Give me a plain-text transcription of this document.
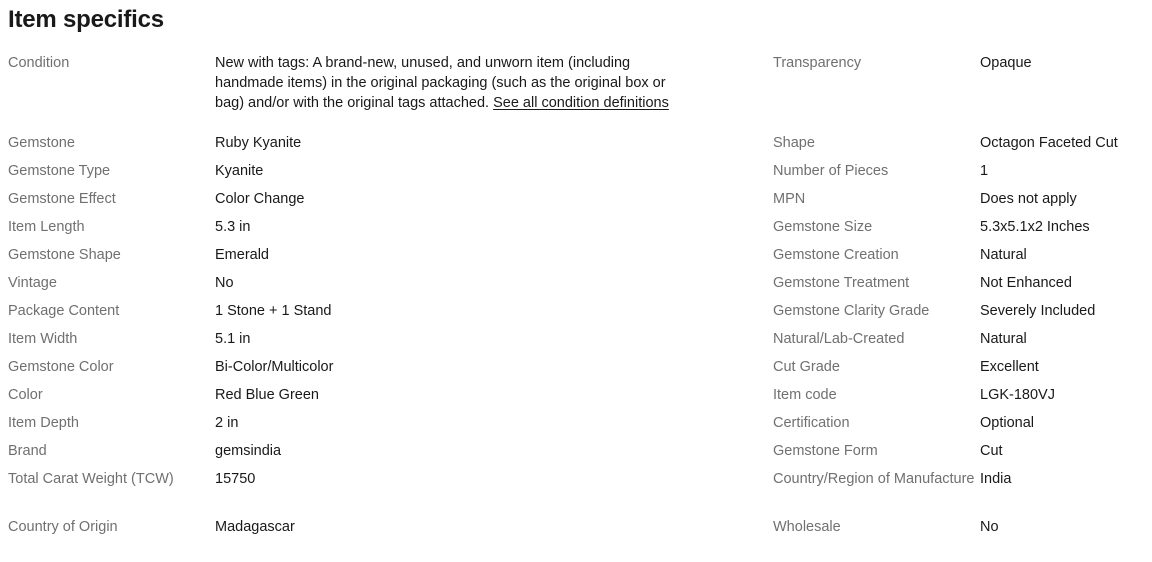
Item specifics
Condition	New with tags: A brand-new, unused, and unworn item (including handmade items) in the original packaging (such as the original box or bag) and/or with the original tags attached. See all condition definitions
Gemstone	Ruby Kyanite
Gemstone Type	Kyanite
Gemstone Effect	Color Change
Item Length	5.3 in
Gemstone Shape	Emerald
Vintage	No
Package Content	1 Stone + 1 Stand
Item Width	5.1 in
Gemstone Color	Bi-Color/Multicolor
Color	Red Blue Green
Item Depth	2 in
Brand	gemsindia
Total Carat Weight (TCW)	15750
Country of Origin	Madagascar
Transparency	Opaque
Shape	Octagon Faceted Cut
Number of Pieces	1
MPN	Does not apply
Gemstone Size	5.3x5.1x2 Inches
Gemstone Creation	Natural
Gemstone Treatment	Not Enhanced
Gemstone Clarity Grade	Severely Included
Natural/Lab-Created	Natural
Cut Grade	Excellent
Item code	LGK-180VJ
Certification	Optional
Gemstone Form	Cut
Country/Region of Manufacture India
Wholesale	No
